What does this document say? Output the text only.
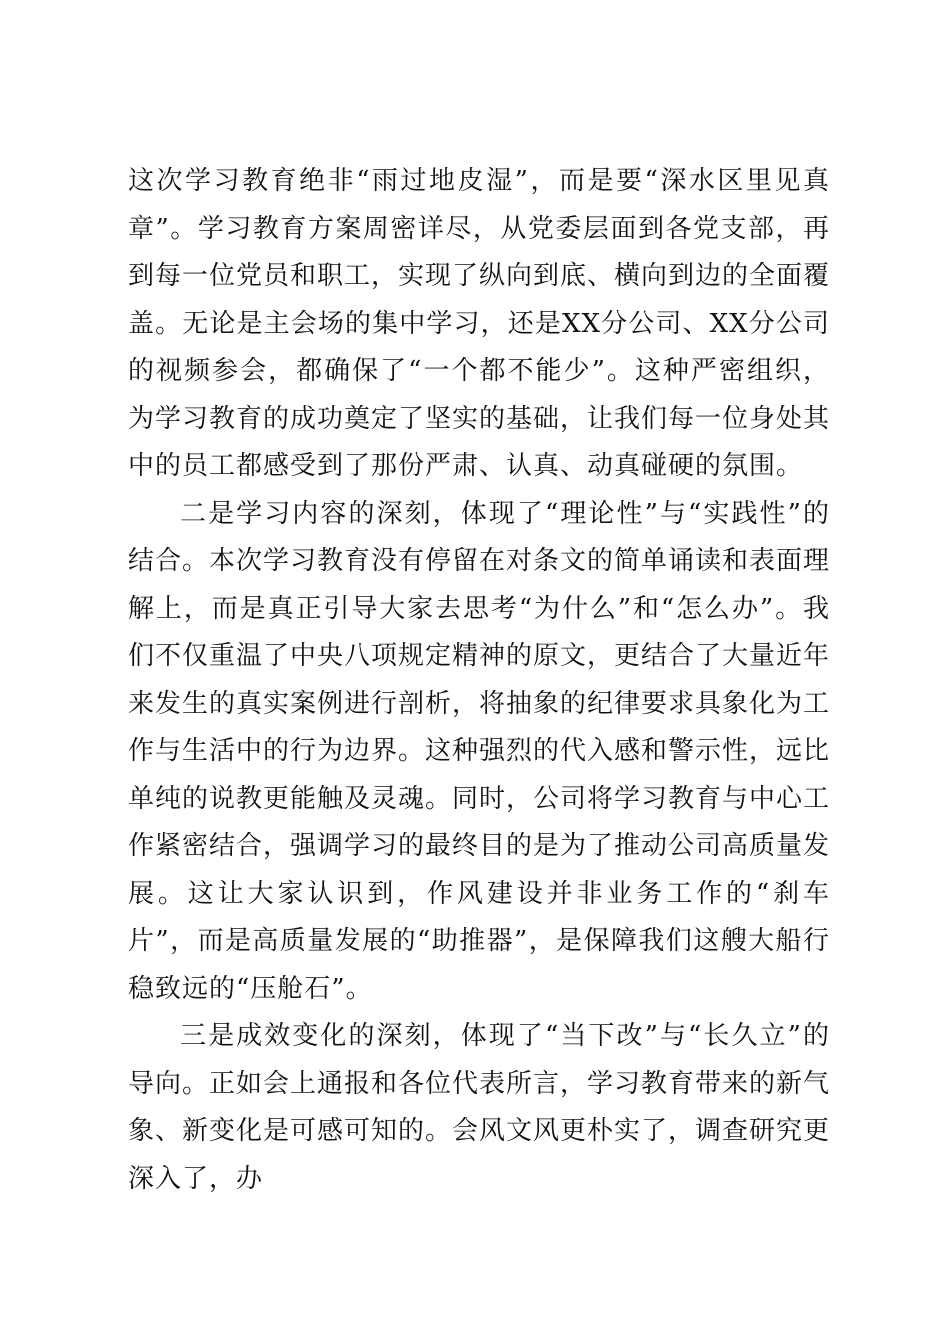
这次学习教育绝非“雨过地皮湿”，而是要“深水区里见真章”。学习教育方案周密详尽，从党委层面到各党支部，再到每一位党员和职工，实现了纵向到底、横向到边的全面覆盖。无论是主会场的集中学习，还是XX分公司、XX分公司的视频参会，都确保了“一个都不能少”。这种严密组织，为学习教育的成功奠定了坚实的基础，让我们每一位身处其中的员工都感受到了那份严肃、认真、动真碰硬的氛围。

二是学习内容的深刻，体现了“理论性”与“实践性”的结合。本次学习教育没有停留在对条文的简单诵读和表面理解上，而是真正引导大家去思考“为什么”和“怎么办”。我们不仅重温了中央八项规定精神的原文，更结合了大量近年来发生的真实案例进行剖析，将抽象的纪律要求具象化为工作与生活中的行为边界。这种强烈的代入感和警示性，远比单纯的说教更能触及灵魂。同时，公司将学习教育与中心工作紧密结合，强调学习的最终目的是为了推动公司高质量发展。这让大家认识到，作风建设并非业务工作的“刹车片”，而是高质量发展的“助推器”，是保障我们这艘大船行稳致远的“压舱石”。

三是成效变化的深刻，体现了“当下改”与“长久立”的导向。正如会上通报和各位代表所言，学习教育带来的新气象、新变化是可感可知的。会风文风更朴实了，调查研究更深入了，办
